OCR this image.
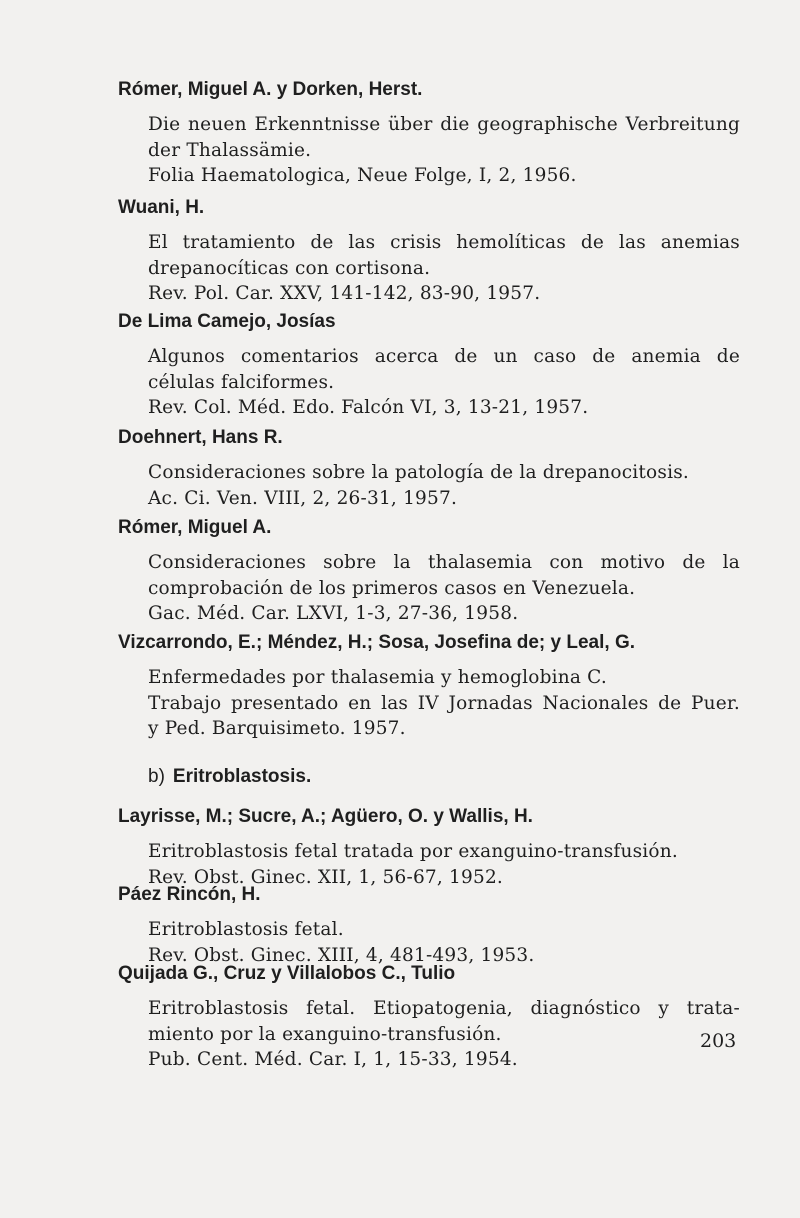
Rómer, Miguel A. y Dorken, Herst.
Die neuen Erkenntnisse über die geographische Verbreitung
der Thalassämie.
Folia Haematologica, Neue Folge, I, 2, 1956.
Wuani, H.
El tratamiento de las crisis hemolíticas de las anemias
drepanocíticas con cortisona.
Rev. Pol. Car. XXV, 141-142, 83-90, 1957.
De Lima Camejo, Josías
Algunos comentarios acerca de un caso de anemia de
células falciformes.
Rev. Col. Méd. Edo. Falcón VI, 3, 13-21, 1957.
Doehnert, Hans R.
Consideraciones sobre la patología de la drepanocitosis.
Ac. Ci. Ven. VIII, 2, 26-31, 1957.
Rómer, Miguel A.
Consideraciones sobre la thalasemia con motivo de la
comprobación de los primeros casos en Venezuela.
Gac. Méd. Car. LXVI, 1-3, 27-36, 1958.
Vizcarrondo, E.; Méndez, H.; Sosa, Josefina de; y Leal, G.
Enfermedades por thalasemia y hemoglobina C.
Trabajo presentado en las IV Jornadas Nacionales de Puer.
y Ped. Barquisimeto. 1957.
b) Eritroblastosis.
Layrisse, M.; Sucre, A.; Agüero, O. y Wallis, H.
Eritroblastosis fetal tratada por exanguino-transfusión.
Rev. Obst. Ginec. XII, 1, 56-67, 1952.
Páez Rincón, H.
Eritroblastosis fetal.
Rev. Obst. Ginec. XIII, 4, 481-493, 1953.
Quijada G., Cruz y Villalobos C., Tulio
Eritroblastosis fetal. Etiopatogenia, diagnóstico y trata-
miento por la exanguino-transfusión.
Pub. Cent. Méd. Car. I, 1, 15-33, 1954.
203
